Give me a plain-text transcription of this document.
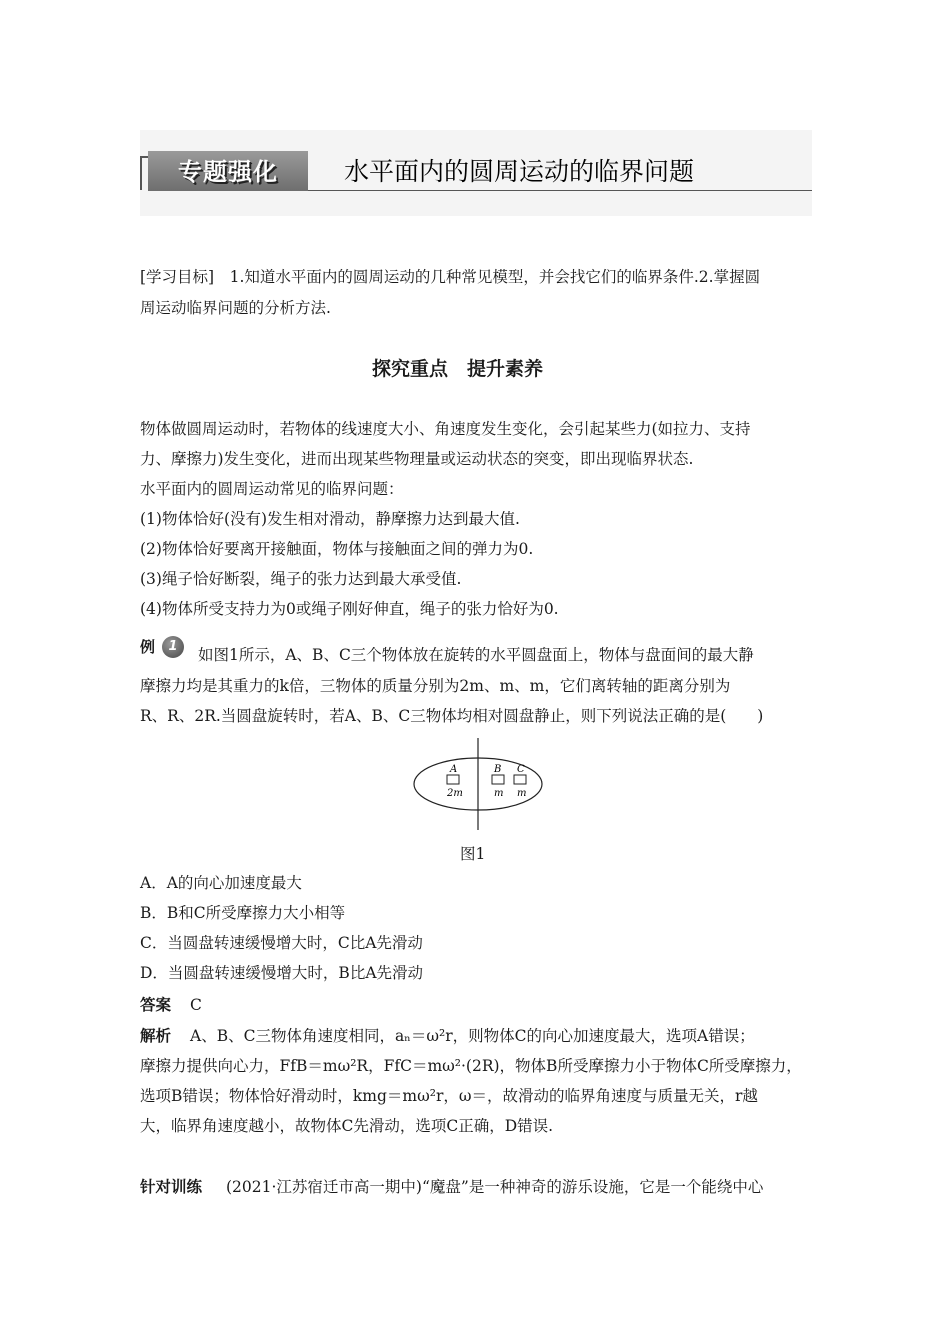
专题强化	水平面内的圆周运动的临界问题
[学习目标]　1.知道水平面内的圆周运动的几种常见模型，并会找它们的临界条件.2.掌握圆
周运动临界问题的分析方法.
探究重点　提升素养
物体做圆周运动时，若物体的线速度大小、角速度发生变化，会引起某些力(如拉力、支持
力、摩擦力)发生变化，进而出现某些物理量或运动状态的突变，即出现临界状态.
水平面内的圆周运动常见的临界问题：
(1)物体恰好(没有)发生相对滑动，静摩擦力达到最大值.
(2)物体恰好要离开接触面，物体与接触面之间的弹力为0.
(3)绳子恰好断裂，绳子的张力达到最大承受值.
(4)物体所受支持力为0或绳子刚好伸直，绳子的张力恰好为0.
例	1	如图1所示，A、B、C三个物体放在旋转的水平圆盘面上，物体与盘面间的最大静
摩擦力均是其重力的k倍，三物体的质量分别为2m、m、m，它们离转轴的距离分别为
R、R、2R.当圆盘旋转时，若A、B、C三物体均相对圆盘静止，则下列说法正确的是(　　)
A	B C
2m	m m
图1
A．A的向心加速度最大
B．B和C所受摩擦力大小相等
C．当圆盘转速缓慢增大时，C比A先滑动
D．当圆盘转速缓慢增大时，B比A先滑动
答案 C
解析 A、B、C三物体角速度相同，aₙ＝ω²r，则物体C的向心加速度最大，选项A错误；
摩擦力提供向心力，FfB＝mω²R，FfC＝mω²·(2R)，物体B所受摩擦力小于物体C所受摩擦力，
选项B错误；物体恰好滑动时，kmg＝mω²r，ω＝，故滑动的临界角速度与质量无关，r越
大，临界角速度越小，故物体C先滑动，选项C正确，D错误.
针对训练 (2021·江苏宿迁市高一期中)“魔盘”是一种神奇的游乐设施，它是一个能绕中心
